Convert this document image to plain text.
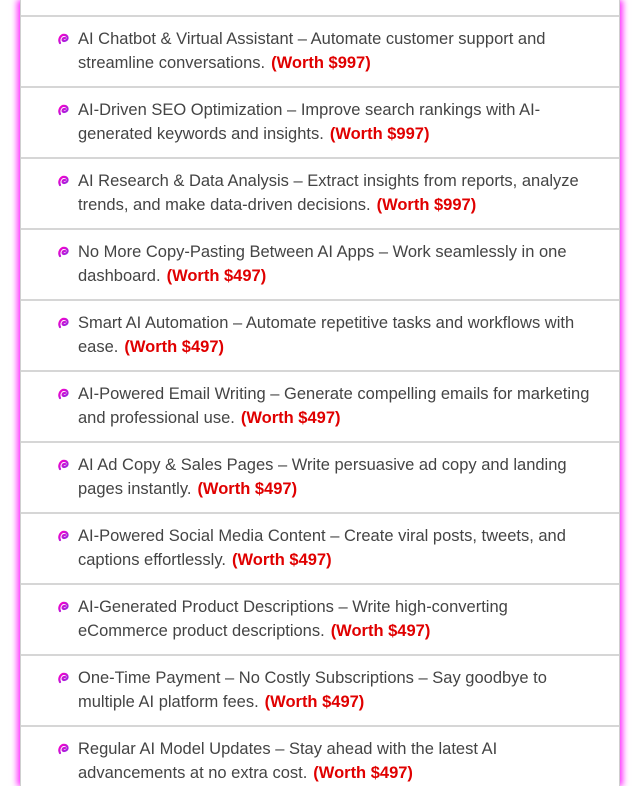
AI Chatbot & Virtual Assistant – Automate customer support and streamline conversations. (Worth $997)
AI-Driven SEO Optimization – Improve search rankings with AI-generated keywords and insights. (Worth $997)
AI Research & Data Analysis – Extract insights from reports, analyze trends, and make data-driven decisions. (Worth $997)
No More Copy-Pasting Between AI Apps – Work seamlessly in one dashboard. (Worth $497)
Smart AI Automation – Automate repetitive tasks and workflows with ease. (Worth $497)
AI-Powered Email Writing – Generate compelling emails for marketing and professional use. (Worth $497)
AI Ad Copy & Sales Pages – Write persuasive ad copy and landing pages instantly. (Worth $497)
AI-Powered Social Media Content – Create viral posts, tweets, and captions effortlessly. (Worth $497)
AI-Generated Product Descriptions – Write high-converting eCommerce product descriptions. (Worth $497)
One-Time Payment – No Costly Subscriptions – Say goodbye to multiple AI platform fees. (Worth $497)
Regular AI Model Updates – Stay ahead with the latest AI advancements at no extra cost. (Worth $497)
